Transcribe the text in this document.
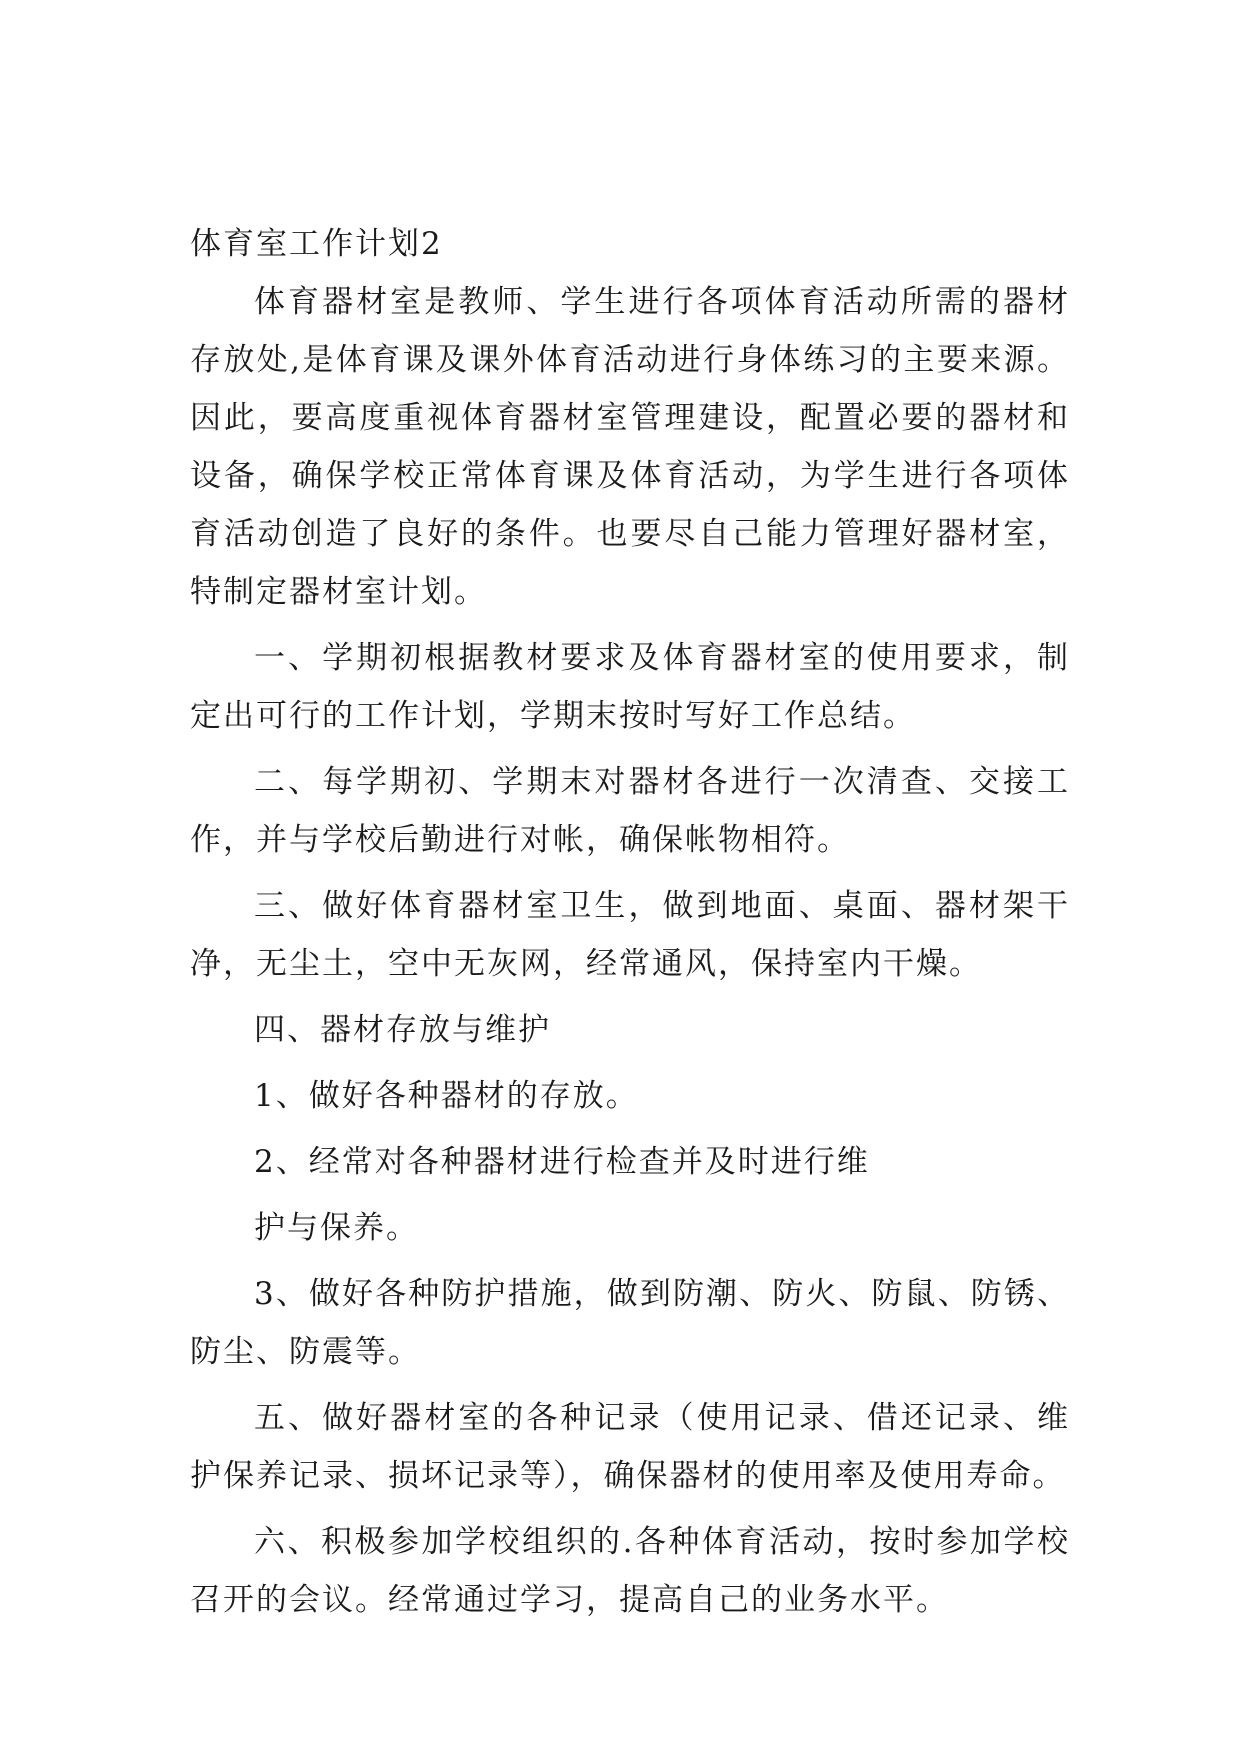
体育室工作计划2

体育器材室是教师、学生进行各项体育活动所需的器材存放处,是体育课及课外体育活动进行身体练习的主要来源。因此，要高度重视体育器材室管理建设，配置必要的器材和设备，确保学校正常体育课及体育活动，为学生进行各项体育活动创造了良好的条件。也要尽自己能力管理好器材室，特制定器材室计划。

一、学期初根据教材要求及体育器材室的使用要求，制定出可行的工作计划，学期末按时写好工作总结。

二、每学期初、学期末对器材各进行一次清查、交接工作，并与学校后勤进行对帐，确保帐物相符。

三、做好体育器材室卫生，做到地面、桌面、器材架干净，无尘土，空中无灰网，经常通风，保持室内干燥。

四、器材存放与维护

1、做好各种器材的存放。

2、经常对各种器材进行检查并及时进行维

护与保养。

3、做好各种防护措施，做到防潮、防火、防鼠、防锈、防尘、防震等。

五、做好器材室的各种记录（使用记录、借还记录、维护保养记录、损坏记录等），确保器材的使用率及使用寿命。

六、积极参加学校组织的.各种体育活动，按时参加学校召开的会议。经常通过学习，提高自己的业务水平。
